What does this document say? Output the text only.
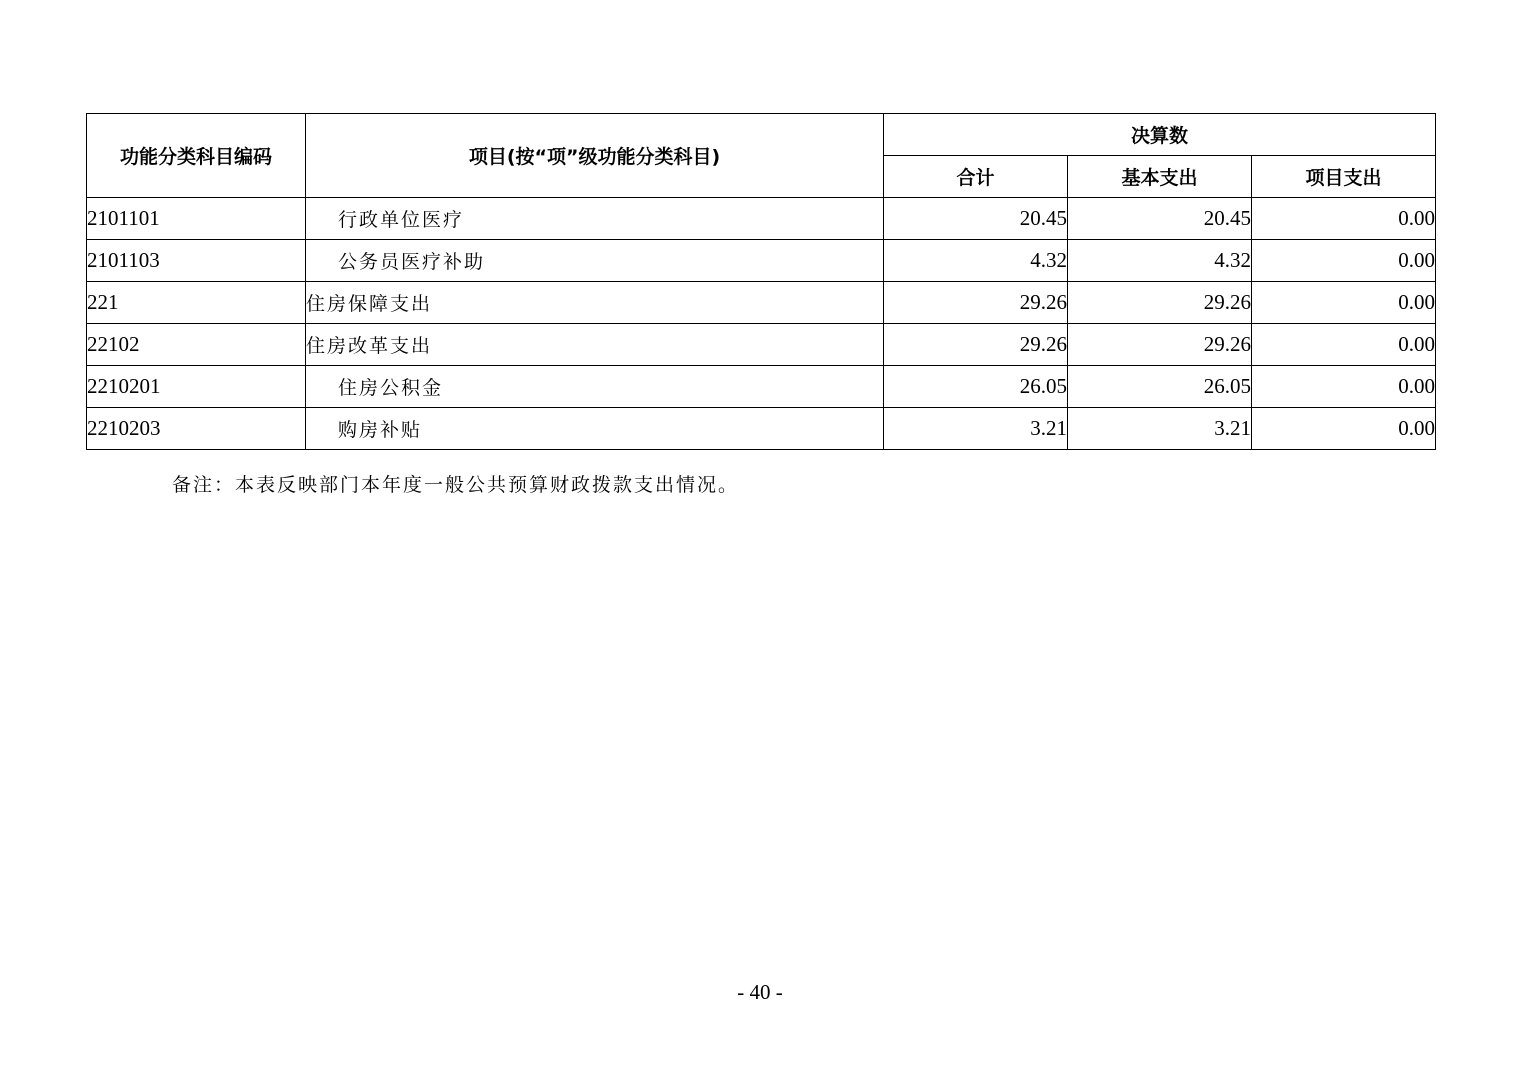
功能分类科目编码	项目(按“项”级功能分类科目)	决算数		
		合计	基本支出	项目支出
2101101	行政单位医疗	20.45	20.45	0.00
2101103	公务员医疗补助	4.32	4.32	0.00
221	住房保障支出	29.26	29.26	0.00
22102	住房改革支出	29.26	29.26	0.00
2210201	住房公积金	26.05	26.05	0.00
2210203	购房补贴	3.21	3.21	0.00
备注：本表反映部门本年度一般公共预算财政拨款支出情况。
- 40 -
